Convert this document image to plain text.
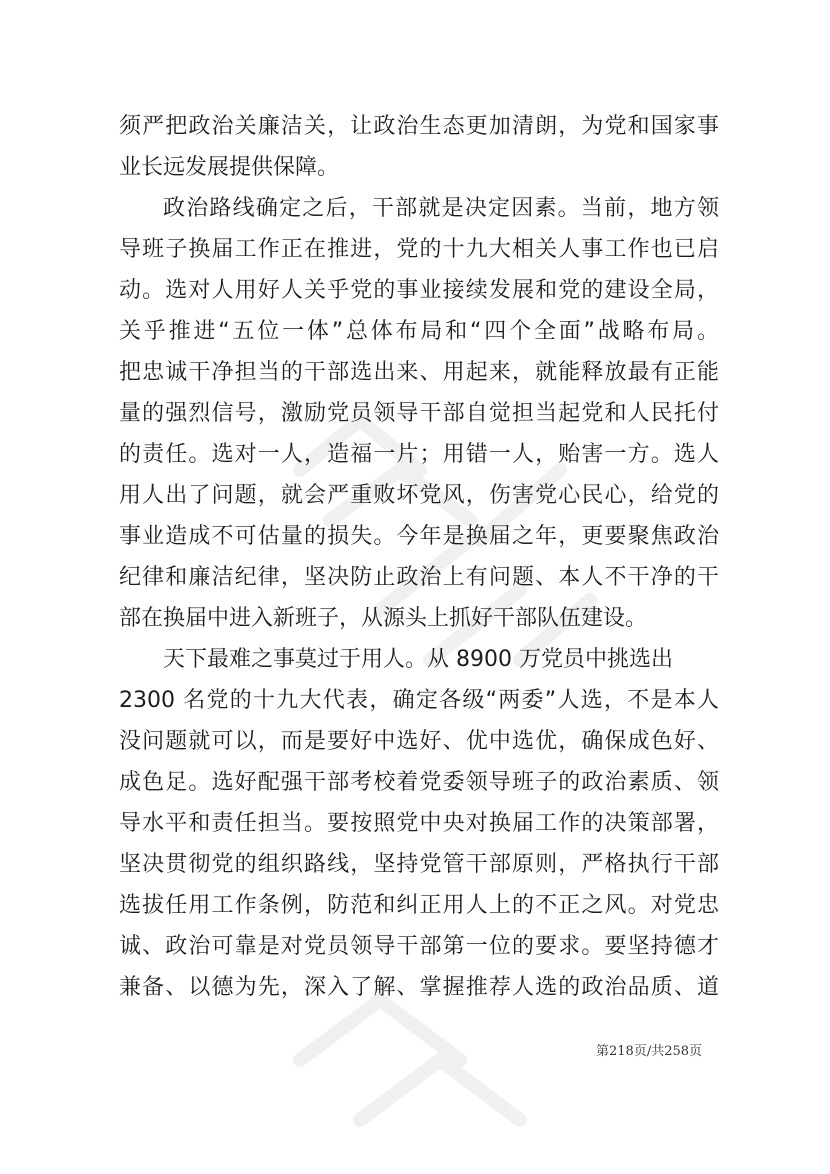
须严把政治关廉洁关，让政治生态更加清朗，为党和国家事
业长远发展提供保障。
政治路线确定之后，干部就是决定因素。当前，地方领
导班子换届工作正在推进，党的十九大相关人事工作也已启
动。选对人用好人关乎党的事业接续发展和党的建设全局，
关乎推进“五位一体”总体布局和“四个全面”战略布局。
把忠诚干净担当的干部选出来、用起来，就能释放最有正能
量的强烈信号，激励党员领导干部自觉担当起党和人民托付
的责任。选对一人，造福一片；用错一人，贻害一方。选人
用人出了问题，就会严重败坏党风，伤害党心民心，给党的
事业造成不可估量的损失。今年是换届之年，更要聚焦政治
纪律和廉洁纪律，坚决防止政治上有问题、本人不干净的干
部在换届中进入新班子，从源头上抓好干部队伍建设。
天下最难之事莫过于用人。从 8900 万党员中挑选出
2300 名党的十九大代表，确定各级“两委”人选，不是本人
没问题就可以，而是要好中选好、优中选优，确保成色好、
成色足。选好配强干部考校着党委领导班子的政治素质、领
导水平和责任担当。要按照党中央对换届工作的决策部署，
坚决贯彻党的组织路线，坚持党管干部原则，严格执行干部
选拔任用工作条例，防范和纠正用人上的不正之风。对党忠
诚、政治可靠是对党员领导干部第一位的要求。要坚持德才
兼备、以德为先，深入了解、掌握推荐人选的政治品质、道
第218页/共258页
